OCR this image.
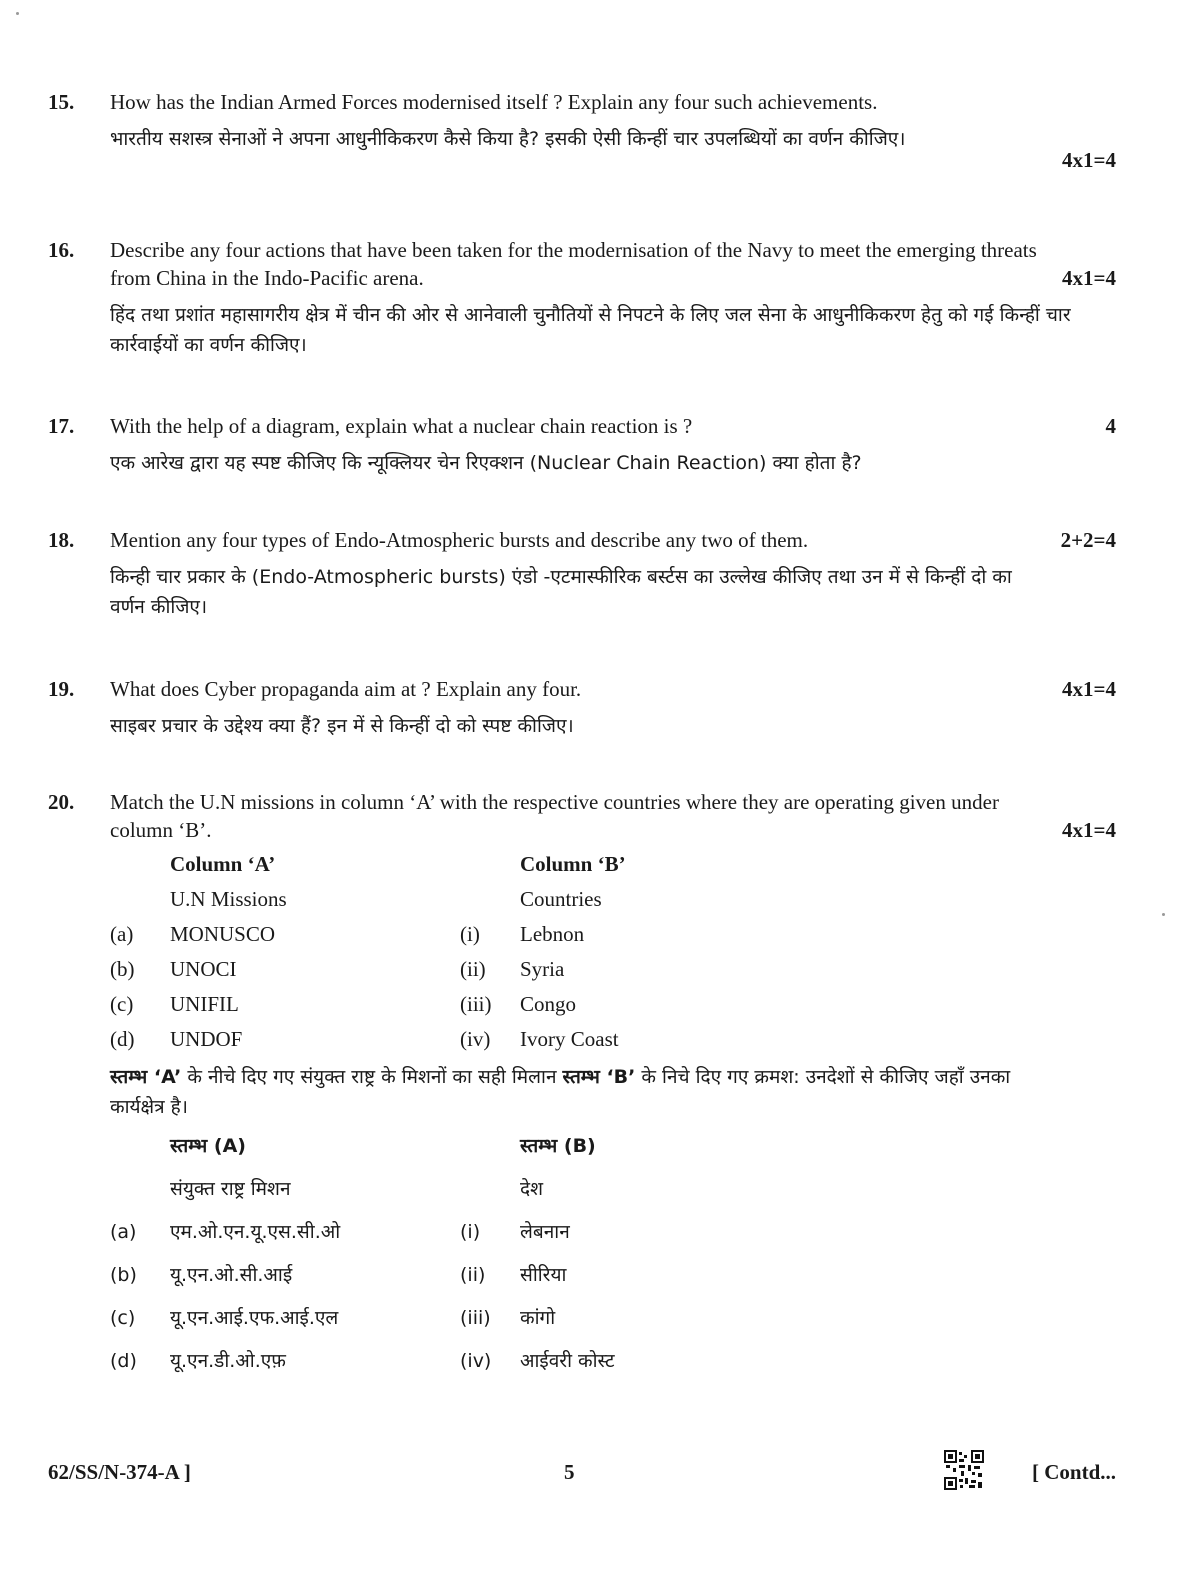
15.	How has the Indian Armed Forces modernised itself ? Explain any four such achievements.
भारतीय सशस्त्र सेनाओं ने अपना आधुनीकिकरण कैसे किया है? इसकी ऐसी किन्हीं चार उपलब्धियों का वर्णन कीजिए।
4x1=4
16.	Describe any four actions that have been taken for the modernisation of the Navy to meet the emerging threats from China in the Indo-Pacific arena.
हिंद तथा प्रशांत महासागरीय क्षेत्र में चीन की ओर से आनेवाली चुनौतियों से निपटने के लिए जल सेना के आधुनीकिकरण हेतु को गई किन्हीं चार कार्रवाईयों का वर्णन कीजिए।
4x1=4
17.	With the help of a diagram, explain what a nuclear chain reaction is ?
एक आरेख द्वारा यह स्पष्ट कीजिए कि न्यूक्लियर चेन रिएक्शन (Nuclear Chain Reaction) क्या होता है?
4
18.	Mention any four types of Endo-Atmospheric bursts and describe any two of them.
किन्ही चार प्रकार के (Endo-Atmospheric bursts) एंडो -एटमास्फीरिक बर्स्टस का उल्लेख कीजिए तथा उन में से किन्हीं दो का वर्णन कीजिए।
2+2=4
19.	What does Cyber propaganda aim at ? Explain any four.
साइबर प्रचार के उद्देश्य क्या हैं? इन में से किन्हीं दो को स्पष्ट कीजिए।
4x1=4
20.	Match the U.N missions in column ‘A’ with the respective countries where they are operating given under column ‘B’.
Column ‘A’	Column ‘B’
U.N Missions	Countries
(a) MONUSCO	(i) Lebnon
(b) UNOCI	(ii) Syria
(c) UNIFIL	(iii) Congo
(d) UNDOF	(iv) Ivory Coast
स्तम्भ ‘A’ के नीचे दिए गए संयुक्त राष्ट्र के मिशनों का सही मिलान स्तम्भ ‘B’ के निचे दिए गए क्रमश: उनदेशों से कीजिए जहाँ उनका कार्यक्षेत्र है।
स्तम्भ (A)	स्तम्भ (B)
संयुक्त राष्ट्र मिशन	देश
(a) एम.ओ.एन.यू.एस.सी.ओ	(i) लेबनान
(b) यू.एन.ओ.सी.आई	(ii) सीरिया
(c) यू.एन.आई.एफ.आई.एल	(iii) कांगो
(d) यू.एन.डी.ओ.एफ़	(iv) आईवरी कोस्ट
4x1=4
62/SS/N-374-A ]	5	[ Contd...
